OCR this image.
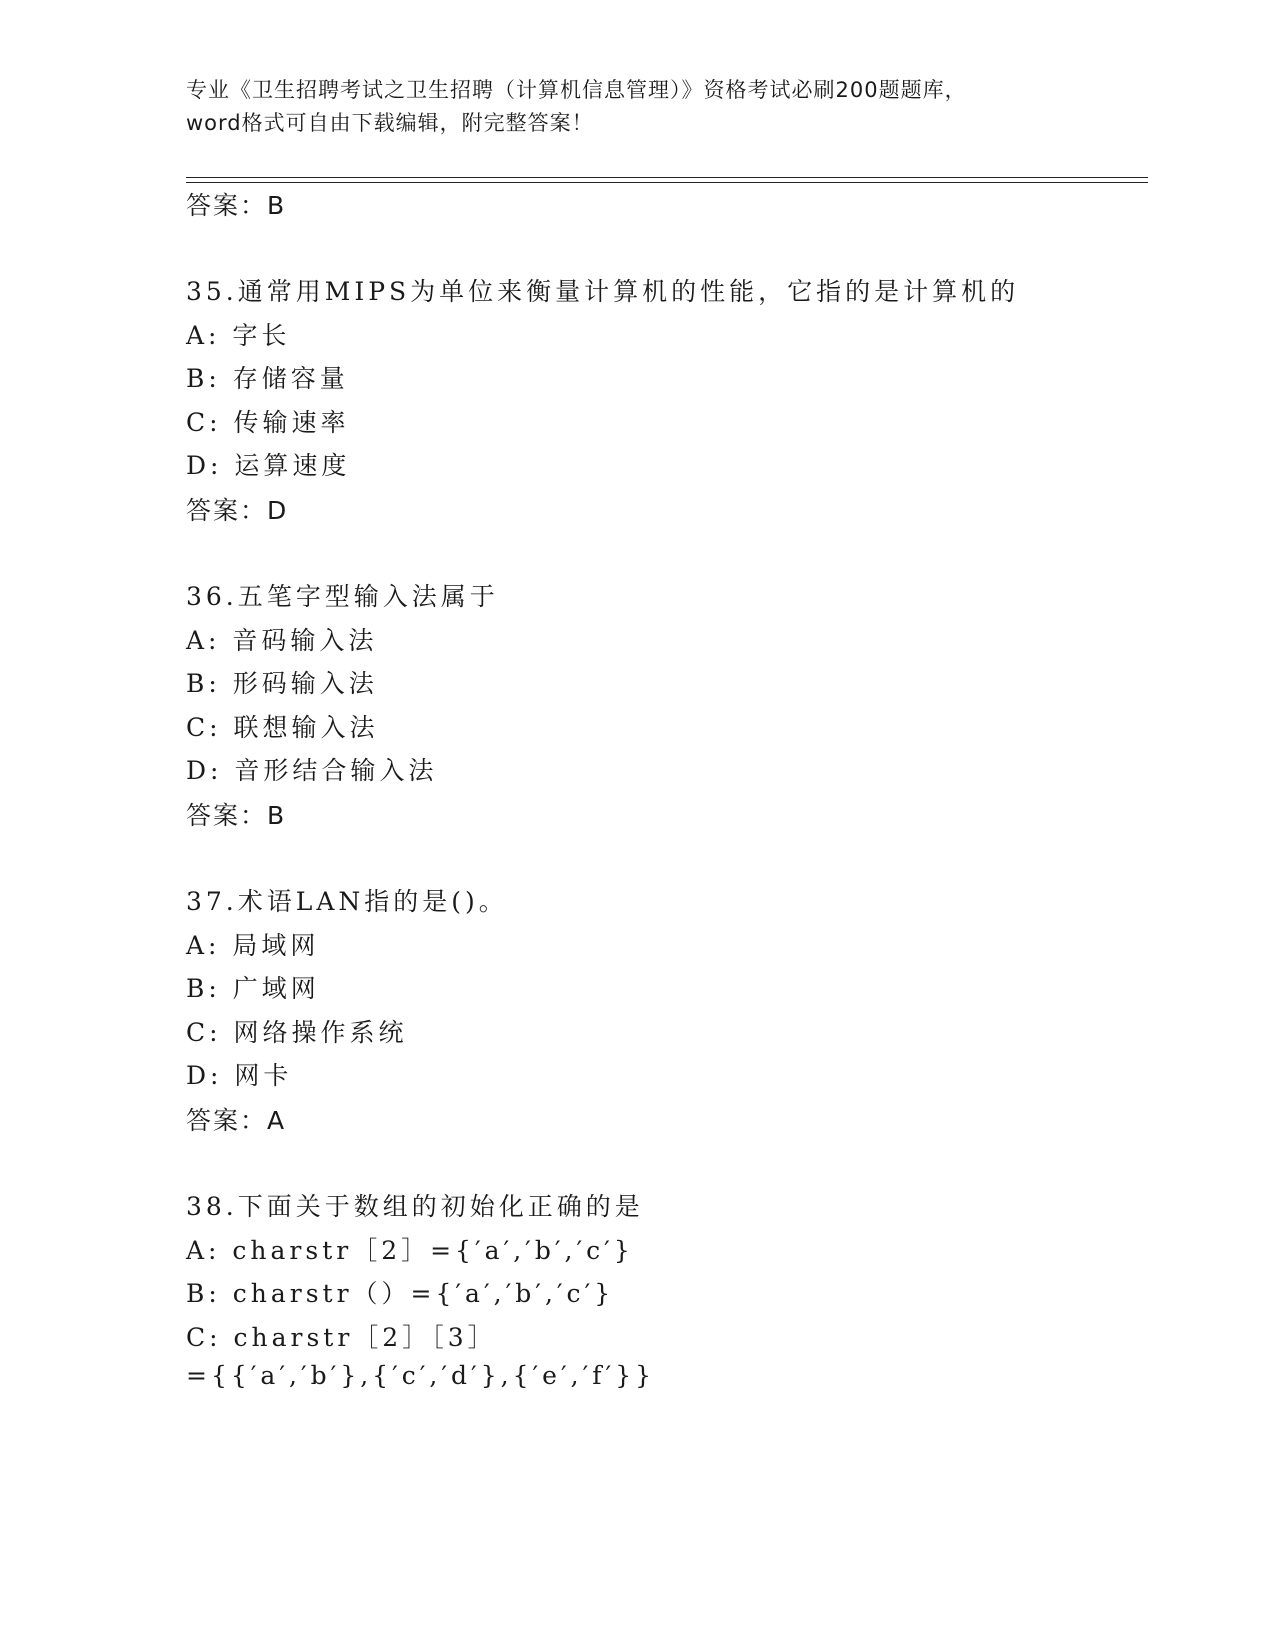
专业《卫生招聘考试之卫生招聘（计算机信息管理）》资格考试必刷200题题库，
word格式可自由下载编辑，附完整答案！
答案：B
35.通常用MIPS为单位来衡量计算机的性能，它指的是计算机的
A: 字长
B: 存储容量
C: 传输速率
D: 运算速度
答案：D
36.五笔字型输入法属于
A: 音码输入法
B: 形码输入法
C: 联想输入法
D: 音形结合输入法
答案：B
37.术语LAN指的是()。
A: 局域网
B: 广域网
C: 网络操作系统
D: 网卡
答案：A
38.下面关于数组的初始化正确的是
A: charstr［2］={′a′,′b′,′c′}
B: charstr（）={′a′,′b′,′c′}
C: charstr［2］［3］
={{′a′,′b′},{′c′,′d′},{′e′,′f′}}
